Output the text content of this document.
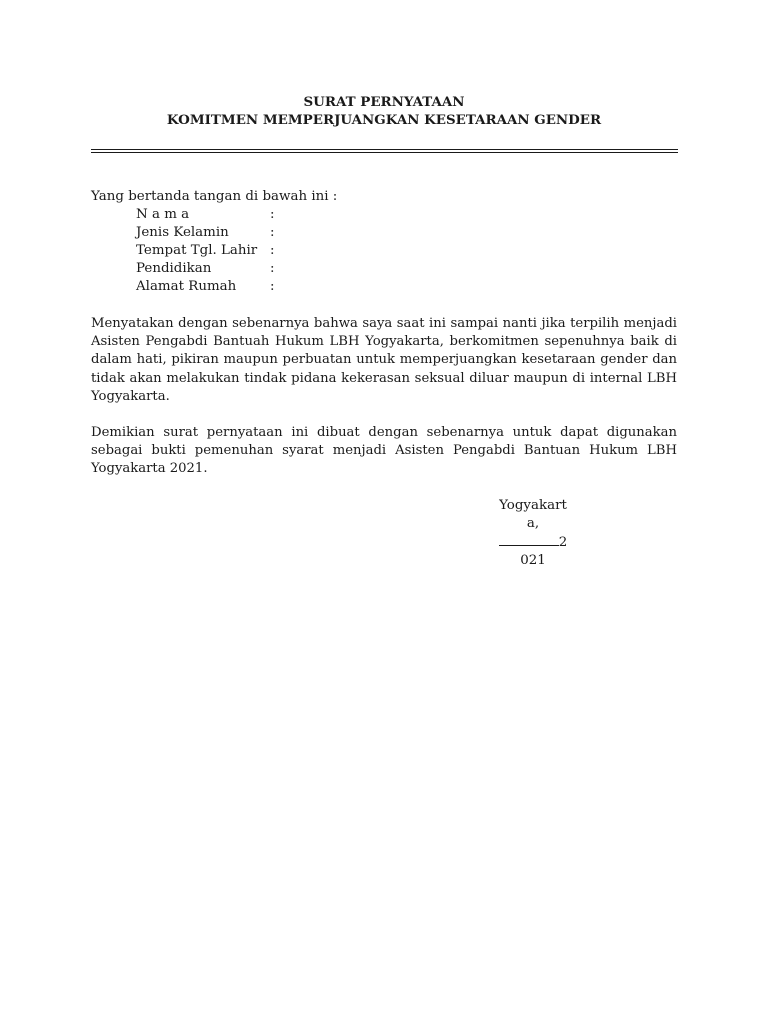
SURAT PERNYATAAN
KOMITMEN MEMPERJUANGKAN KESETARAAN GENDER
Yang bertanda tangan di bawah ini :
N a m a	:
Jenis Kelamin	:
Tempat Tgl. Lahir :
Pendidikan	:
Alamat Rumah	:
Menyatakan dengan sebenarnya bahwa saya saat ini sampai nanti jika terpilih menjadi Asisten Pengabdi Bantuah Hukum LBH Yogyakarta, berkomitmen sepenuhnya baik di dalam hati, pikiran maupun perbuatan untuk memperjuangkan kesetaraan gender dan tidak akan melakukan tindak pidana kekerasan seksual diluar maupun di internal LBH Yogyakarta.
Demikian surat pernyataan ini dibuat dengan sebenarnya untuk dapat digunakan sebagai bukti pemenuhan syarat menjadi Asisten Pengabdi Bantuan Hukum LBH Yogyakarta 2021.
Yogyakart
a,
2
021
